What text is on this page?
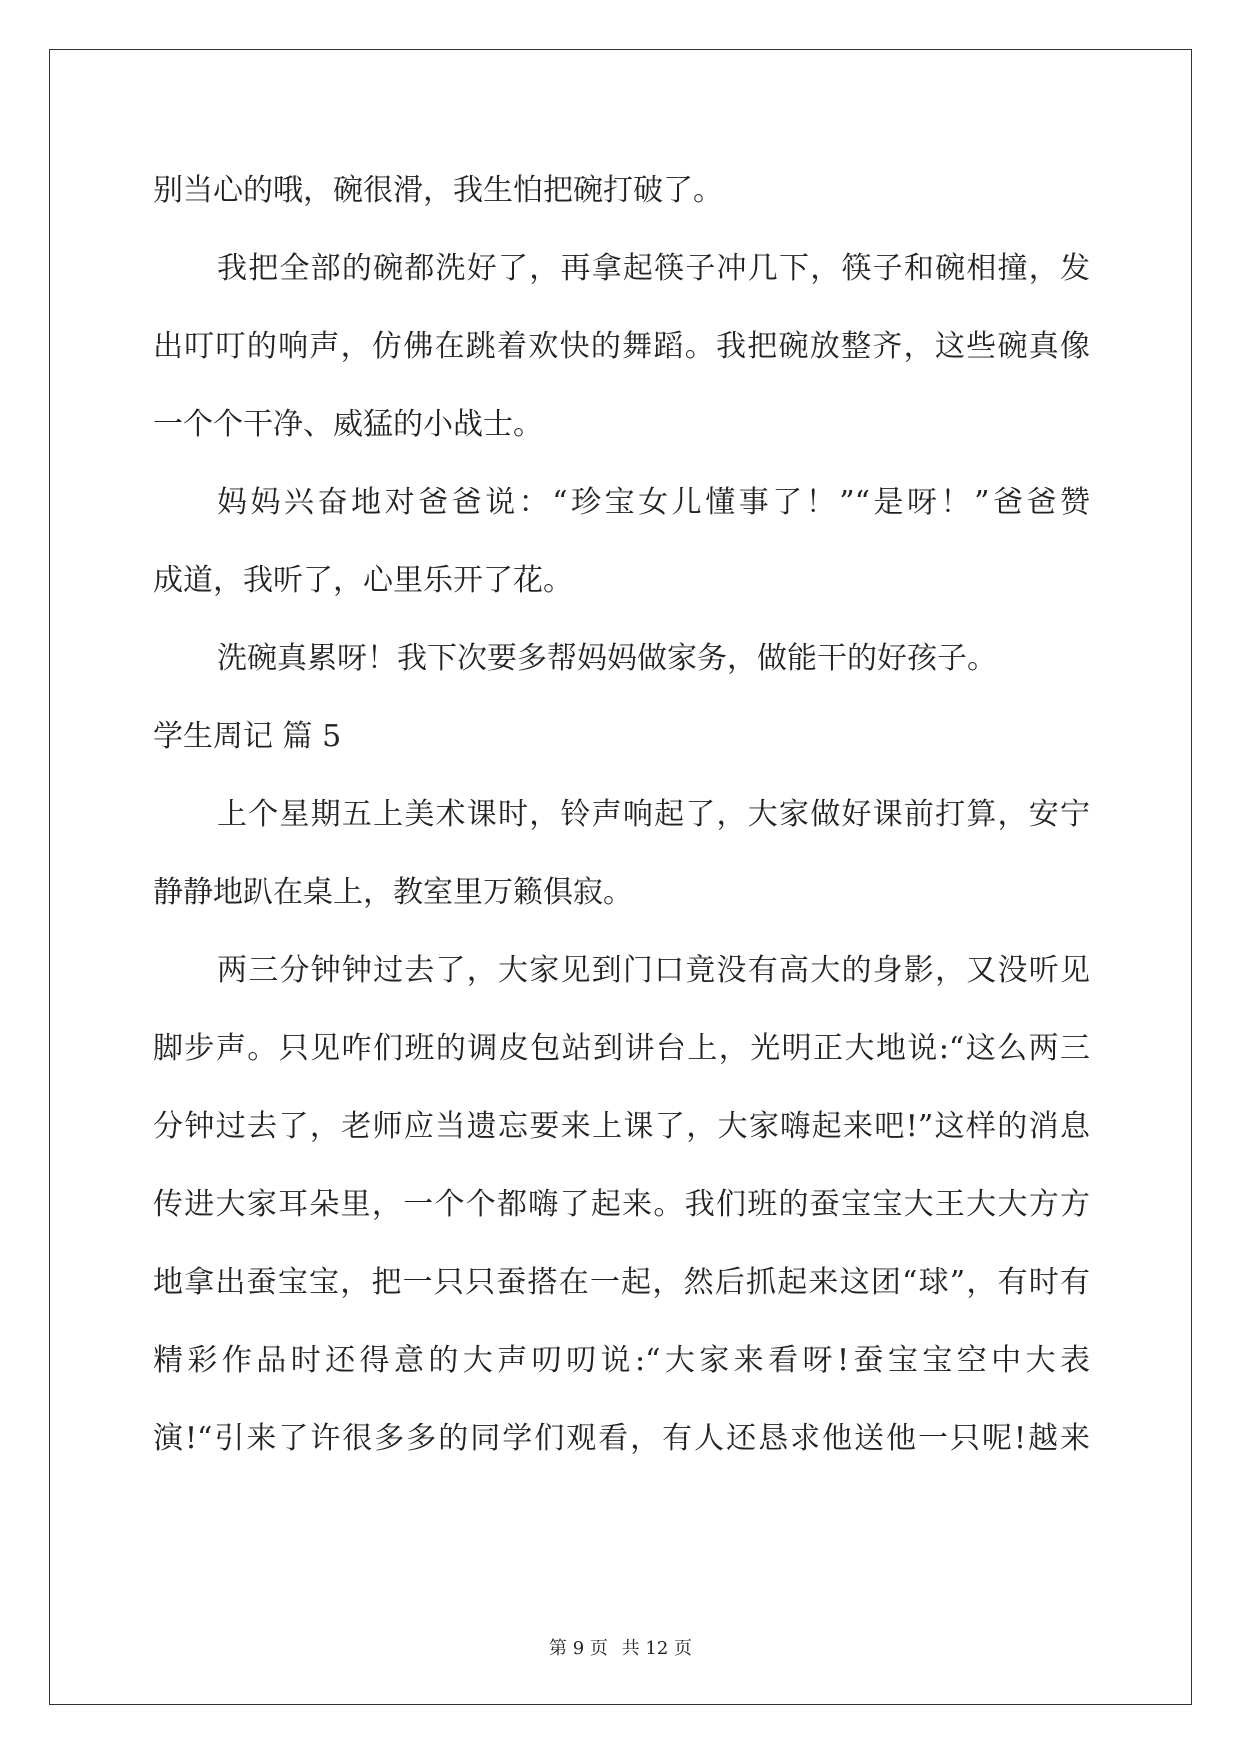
别当心的哦，碗很滑，我生怕把碗打破了。
我把全部的碗都洗好了，再拿起筷子冲几下，筷子和碗相撞，发
出叮叮的响声，仿佛在跳着欢快的舞蹈。我把碗放整齐，这些碗真像
一个个干净、威猛的小战士。
妈妈兴奋地对爸爸说：“珍宝女儿懂事了！”“是呀！”爸爸赞
成道，我听了，心里乐开了花。
洗碗真累呀！我下次要多帮妈妈做家务，做能干的好孩子。
学生周记 篇 5
上个星期五上美术课时，铃声响起了，大家做好课前打算，安宁
静静地趴在桌上，教室里万籁俱寂。
两三分钟钟过去了，大家见到门口竟没有高大的身影，又没听见
脚步声。只见咋们班的调皮包站到讲台上，光明正大地说:“这么两三
分钟过去了，老师应当遗忘要来上课了，大家嗨起来吧!”这样的消息
传进大家耳朵里，一个个都嗨了起来。我们班的蚕宝宝大王大大方方
地拿出蚕宝宝，把一只只蚕搭在一起，然后抓起来这团“球”，有时有
精彩作品时还得意的大声叨叨说:“大家来看呀!蚕宝宝空中大表
演!“引来了许很多多的同学们观看，有人还恳求他送他一只呢!越来
第 9 页 共 12 页
